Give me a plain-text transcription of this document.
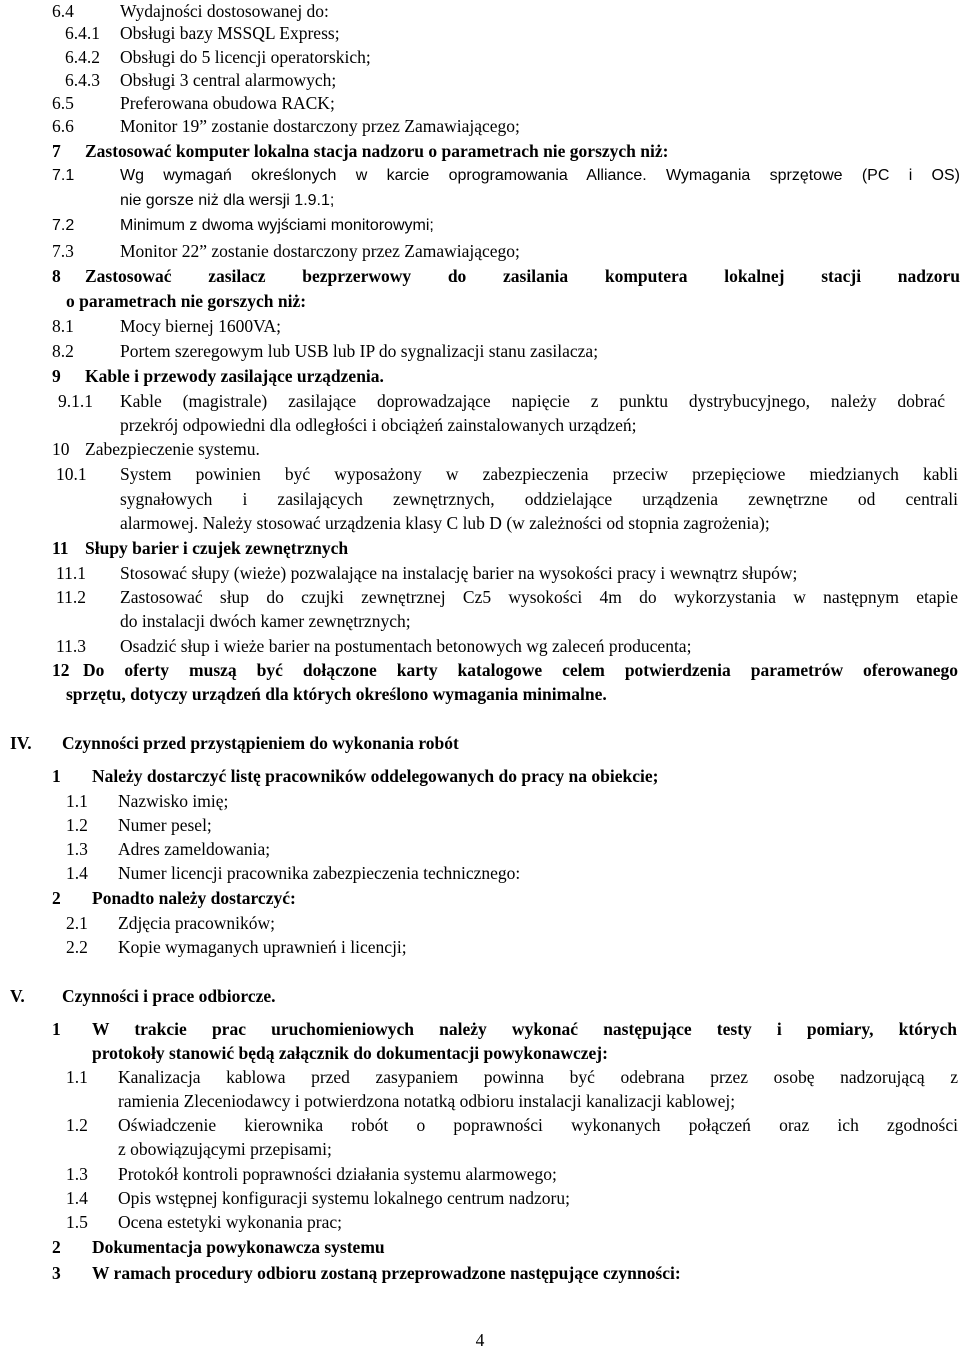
6.4	Wydajności dostosowanej do:
6.4.1 Obsługi bazy MSSQL Express;
6.4.2 Obsługi do 5 licencji operatorskich;
6.4.3 Obsługi 3 central alarmowych;
6.5	Preferowana obudowa RACK;
6.6	Monitor 19” zostanie dostarczony przez Zamawiającego;
7 Zastosować komputer lokalna stacja nadzoru o parametrach nie gorszych niż:
7.1	Wg wymagań określonych w karcie oprogramowania Alliance. Wymagania sprzętowe (PC i OS)
nie gorsze niż dla wersji 1.9.1;
7.2	Minimum z dwoma wyjściami monitorowymi;
7.3	Monitor 22” zostanie dostarczony przez Zamawiającego;
8 Zastosować zasilacz bezprzerwowy do zasilania komputera lokalnej stacji nadzoru
o parametrach nie gorszych niż:
8.1	Mocy biernej 1600VA;
8.2	Portem szeregowym lub USB lub IP do sygnalizacji stanu zasilacza;
9 Kable i przewody zasilające urządzenia.
9.1.1 Kable (magistrale) zasilające doprowadzające napięcie z punktu dystrybucyjnego, należy dobrać
przekrój odpowiedni dla odległości i obciążeń zainstalowanych urządzeń;
10 Zabezpieczenie systemu.
10.1 System powinien być wyposażony w zabezpieczenia przeciw przepięciowe miedzianych kabli
sygnałowych i zasilających zewnętrznych, oddzielające urządzenia zewnętrzne od centrali
alarmowej. Należy stosować urządzenia klasy C lub D (w zależności od stopnia zagrożenia);
11 Słupy barier i czujek zewnętrznych
11.1 Stosować słupy (wieże) pozwalające na instalację barier na wysokości pracy i wewnątrz słupów;
11.2 Zastosować słup do czujki zewnętrznej Cz5 wysokości 4m do wykorzystania w następnym etapie
do instalacji dwóch kamer zewnętrznych;
11.3 Osadzić słup i wieże barier na postumentach betonowych wg zaleceń producenta;
12 Do oferty muszą być dołączone karty katalogowe celem potwierdzenia parametrów oferowanego
sprzętu, dotyczy urządzeń dla których określono wymagania minimalne.
IV. Czynności przed przystąpieniem do wykonania robót
1 Należy dostarczyć listę pracowników oddelegowanych do pracy na obiekcie;
1.1 Nazwisko imię;
1.2 Numer pesel;
1.3 Adres zameldowania;
1.4 Numer licencji pracownika zabezpieczenia technicznego:
2 Ponadto należy dostarczyć:
2.1 Zdjęcia pracowników;
2.2 Kopie wymaganych uprawnień i licencji;
V. Czynności i prace odbiorcze.
1 W trakcie prac uruchomieniowych należy wykonać następujące testy i pomiary, których
protokoły stanowić będą załącznik do dokumentacji powykonawczej:
1.1 Kanalizacja kablowa przed zasypaniem powinna być odebrana przez osobę nadzorującą z
ramienia Zleceniodawcy i potwierdzona notatką odbioru instalacji kanalizacji kablowej;
1.2 Oświadczenie kierownika robót o poprawności wykonanych połączeń oraz ich zgodności
z obowiązującymi przepisami;
1.3 Protokół kontroli poprawności działania systemu alarmowego;
1.4 Opis wstępnej konfiguracji systemu lokalnego centrum nadzoru;
1.5 Ocena estetyki wykonania prac;
2 Dokumentacja powykonawcza systemu
3 W ramach procedury odbioru zostaną przeprowadzone następujące czynności:
4
